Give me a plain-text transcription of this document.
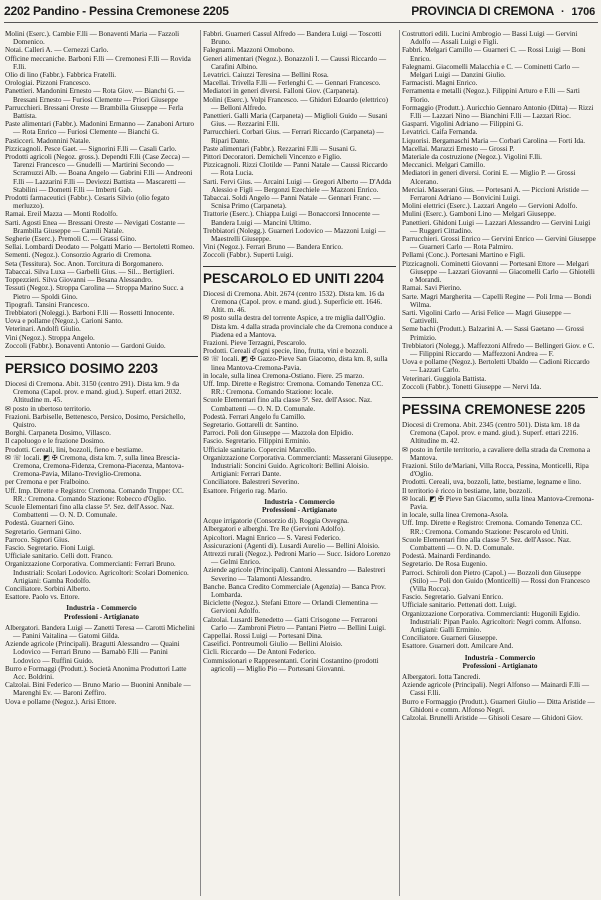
2202 Pandino - Pessina Cremonese 2205	PROVINCIA DI CREMONA · 1706

Molini (Eserc.). Cambie F.lli — Bonaventi Maria — Fazzoli Domenico.

Notai. Calleri A. — Cernezzi Carlo.

Officine meccaniche. Barboni F.lli — Cremonesi F.lli — Rovida F.lli.

Olio di lino (Fabbr.). Fabbrica Fratelli.

Orologiai. Pizzoni Francesco.

Panettieri. Mandonini Ernesto — Rota Giov. — Bianchi G. — Bressani Ernesto — Furiosi Clemente — Priori Giuseppe

Parrucchieri. Bressani Oreste — Brambilla Giuseppe — Ferla Battista.

Paste alimentari (Fabbr.). Madonini Ermanno — Zanaboni Arturo — Rota Enrico — Furiosi Clemente — Bianchi G.

Pasticceri. Madonnini Natale.

Pizzicagnoli. Pesce Gaet. — Signorini F.lli — Casali Carlo.

Prodotti agricoli (Negoz. gross.). Dependti F.lli (Case Zecca) — Tarenzi Francesco — Gnudelli — Martirini Secondo — Scramuzzi Alb. — Boana Angelo — Gabrini F.lli — Andreoni F.lli — Lazzarini F.lli — Deviezzi Battista — Mascaretti — Stabilini — Dometti F.lli — Imberti Gab.

Prodotti farmaceutici (Fabbr.). Cesaris Silvio (olio fegato merluzzo).

Ramai. Ereil Mazza — Monti Rodolfo.

Sarti. Agosti Enea — Bressani Oreste — Nevigati Costante — Brambilla Giuseppe — Carnili Natale.

Segherie (Eserc.). Premoli C. — Grassi Gino.

Sellai. Lombardi Deodato — Polgatti Mario — Bertoletti Romeo.

Sementi. (Negoz.). Consorzio Agrario di Cremona.

Seta (Tessitura). Soc. Anon. Torcitura di Borgomanero.

Tabaccai. Silva Luxa — Garbelli Gius. — Sil... Bertiglieri.

Toppezzieri. Silva Giovanni — Besana Alessandro.

Tessuti (Negoz.). Stroppa Carolina — Stroppa Marino Succ. a Pietro — Spoldi Gino.

Tipografi. Tansini Francesco.

Trebbiatori (Noleggi.). Barboni F.lli — Rossetti Innocente.

Uova e pollame (Negoz.). Carioni Santo.

Veterinari. Andolfi Giulio.

Vini (Negoz.). Stroppa Angelo.

Zoccoli (Fabbr.). Bonaventi Antonio — Gardoni Guido.

PERSICO DOSIMO 2203

Diocesi di Cremona. Abit. 3150 (centro 291). Dista km. 9 da Cremona (Capol. prov. e mand. giud.). Superf. ettari 2032. Altitudine m. 45.

✉ posto in ubertoso territorio.

Frazioni. Barbiselle, Bettenesco, Persico, Dosimo, Persichello, Quistro.

Borghi. Carpaneta Dosimo, Villasco.

Il capoluogo e le frazione Dosimo.

Prodotti. Cereali, lini, bozzoli, fieno e bestiame.

✉ ☏ locali. ◩ ✠ Cremona, dista km. 7, sulla linea Brescia-Cremona, Cremona-Fidenza, Cremona-Piacenza, Mantova-Cremona-Pavia, Milano-Treviglio-Cremona.

per Cremona e per Fralboino.

Uff. Imp. Dirette e Registro: Cremona. Comando Truppe: CC. RR.: Cremona. Comando Stazione: Robecco d'Oglio.

Scuole Elementari fino alla classe 5ª. Sez. dell'Assoc. Naz. Combattenti — O. N. D. Comunale.

Podestà. Guarneri Gino.

Segretario. Germani Gino.

Parroco. Signori Gius.

Fascio. Segretario. Fioni Luigi.

Ufficiale sanitario. Celli dott. Franco.

Organizzazione Corporativa. Commercianti: Ferrari Bruno. Industriali: Scolari Lodovico. Agricoltori: Scolari Domenico. Artigiani: Gamba Rodolfo.

Conciliatore. Sorbini Alberto.

Esattore. Paolo vs. Ettore.

Industria - Commercio
Professioni - Artigianato

Albergatori. Bandera Luigi — Zanetti Teresa — Carotti Michelini — Panini Vaitalina — Gatomi Gilda.

Aziende agricole (Principali). Bragutti Alessandro — Quaini Lodovico — Ferrari Bruno — Barnabò F.lli — Panini Lodovico — Ruffini Guido.

Burro e Formaggi (Produtt.). Società Anonima Produttori Latte Acc. Boldrini.

Calzolai. Bini Federico — Bruno Mario — Buonini Annibale — Marenghi Ev. — Baroni Zeffiro.

Uova e pollame (Negoz.). Arisi Ettore.

Fabbri. Guarneri Cassul Alfredo — Bandera Luigi — Toscotti Bruno.

Falegnami. Mazzoni Omobono.

Generi alimentari (Negoz.). Bonazzoli I. — Caussi Riccardo — Carafini Albino.

Levatrici. Caiuzzi Teresina — Bellini Rosa.

Macellai. Trivella F.lli — Ferlenghi C. — Gennari Francesco.

Mediatori in generi diversi. Falloni Giov. (Carpaneta).

Molini (Eserc.). Volpi Francesco. — Ghidori Edoardo (elettrico) — Belloni Alfredo.

Panettieri. Galli Maria (Carpaneta) — Miglioli Guido — Susani Gius. — Rezzarini F.lli.

Parrucchieri. Corbari Gius. — Ferrari Riccardo (Carpaneta) — Ripari Dante.

Paste alimentari (Fabbr.). Rezzarini F.lli — Susani G.

Pittori Decoratori. Demicheli Vincenzo e Figlio.

Pizzicagnoli. Rizzi Clotilde — Panni Natale — Caussi Riccardo — Rota Lucia.

Sarti. Fervi Gius. — Arcaini Luigi — Gregori Alberto — D'Adda Alessio e Figli — Bergonzi Ezechiele — Mazzoni Enrico.

Tabaccai. Soldi Angelo — Panni Natale — Gennari Franc. — Scnisa Primo (Carpaneta).

Trattorie (Eserc.). Chiappa Luigi — Bonaccorsi Innocente — Bandera Luigi — Mancini Ultimo.

Trebbiatori (Nolegg.). Guarneri Lodovico — Mazzoni Luigi — Maestrelli Giuseppe.

Vini (Negoz.). Ferrari Bruno — Bandera Enrico.

Zoccoli (Fabbr.). Superti Luigi.

PESCAROLO ED UNITI 2204

Diocesi di Cremona. Abit. 2674 (centro 1532). Dista km. 16 da Cremona (Capol. prov. e mand. giud.). Superficie ett. 1646. Altit. m. 46.

✉ posto sulla destra del torrente Aspice, a tre miglia dall'Oglio. Dista km. 4 dalla strada provinciale che da Cremona conduce a Piadena ed a Mantova.

Frazioni. Pieve Terzagni, Pescarolo.

Prodotti. Cereali d'ogni specie, lino, frutta, vini e bozzoli.

✉ ☏ locali. ◩ ✠ Gazzo-Pieve San Giacomo, dista km. 8, sulla linea Mantova-Cremona-Pavia.

in locale, sulla linea Cremona-Ostiano. Fiere. 25 marzo.

Uff. Imp. Dirette e Registro: Cremona. Comando Tenenza CC. RR.: Cremona. Comando Stazione: locale.

Scuole Elementari fino alla classe 5ª. Sez. dell'Assoc. Naz. Combattenti — O. N. D. Comunale.

Podestà. Ferrari Angelo fu Camillo.

Segretario. Gottarelli dr. Santino.

Parroci. Poli don Giuseppe — Mazzola don Elpidio.

Fascio. Segretario. Filippini Erminio.

Ufficiale sanitario. Copercini Marcello.

Organizzazione Corporativa. Commercianti: Masserani Giuseppe. Industriali: Soncini Guido. Agricoltori: Bellini Aloisio. Artigiani: Ferrari Dante.

Conciliatore. Balestreri Severino.

Esattore. Frigerio rag. Mario.

Industria - Commercio
Professioni - Artigianato

Acque irrigatorie (Consorzio di). Roggia Osvegna.

Albergatori e alberghi. Tre Re (Gervioni Adolfo).

Apicoltori. Magni Enrico — S. Varesi Federico.

Assicurazioni (Agenti di). Lusardi Aurelio — Bellini Aloisio.

Attrezzi rurali (Negoz.). Pedroni Mario — Succ. Isidoro Lorenzo — Gelmi Enrico.

Aziende agricole (Principali). Cantoni Alessandro — Balestreri Severino — Talamonti Alessandro.

Banche. Banca Credito Commerciale (Agenzia) — Banca Prov. Lombarda.

Biciclette (Negoz.). Stefani Ettore — Orlandi Clementina — Gervioni Adolfo.

Calzolai. Lusardi Benedetto — Gatti Crisogone — Ferraroni Carlo — Zambroni Pietro — Pantani Pietro — Bellini Luigi.

Cappellai. Rossi Luigi — Portesani Dina.

Caseifici. Pontreumoli Giulio — Bellini Aloisio.

Cicli. Riccardo — De Antoni Federico.

Commissionari e Rappresentanti. Corini Costantino (prodotti agricoli) — Miglio Pio — Portesani Giovanni.

Costruttori edili. Lucini Ambrogio — Bassi Luigi — Gervini Adolfo — Assali Luigi e Figli.

Fabbri. Melgari Camillo — Guarneri C. — Rossi Luigi — Boni Enrico.

Falegnami. Giacomelli Malacchia e C. — Cominetti Carlo — Melgari Luigi — Danzini Giulio.

Farmacisti. Magni Enrico.

Ferramenta e metalli (Negoz.). Filippini Arturo e F.lli — Sarti Florio.

Formaggio (Produtt.). Auricchio Gennaro Antonio (Ditta) — Rizzi F.lli — Lazzari Nino — Bianchini F.lli — Lazzari Rioc.

Gasparri. Vigolini Adriano — Filippini G.

Levatrici. Caifa Fernanda.

Liquorisi. Bergamaschi Maria — Corbari Carolina — Forti Ida.

Macellai. Marazzi Ernesto — Grossi P.

Materiale da costruzione (Negoz.). Vigolini F.lli.

Meccanici. Melgari Camillo.

Mediatori in generi diversi. Corini E. — Miglio P. — Grossi Alcerano.

Merciai. Masserani Gius. — Portesani A. — Piccioni Aristide — Ferraroni Adriano — Bonvicini Luigi.

Molini elettrici (Eserc.). Lazzari Angelo — Gervioni Adolfo.

Mulini (Eserc.). Gamboni Lino — Melgari Giuseppe.

Panettieri. Ghidoni Luigi — Lazzari Alessandro — Gervini Luigi — Ruggeri Cittadino.

Parrucchieri. Grossi Enrico — Gervini Enrico — Gervini Giuseppe — Guarneri Carlo — Rota Palmiro.

Pellami (Conc.). Portesani Martino e Figli.

Pizzicagnoli. Cominetti Giovanni — Portesani Ettore — Melgari Giuseppe — Lazzari Giovanni — Giacomelli Carlo — Ghiotelli e Morandi.

Ramai. Savi Pierino.

Sarte. Magri Margherita — Capelli Regine — Poli Irma — Bondi Wilma.

Sarti. Vigolini Carlo — Arisi Felice — Magri Giuseppe — Cattivelli.

Seme bachi (Produtt.). Balzarini A. — Sassi Gaetano — Grossi Primizio.

Trebbiatori (Nolegg.). Maffezzoni Alfredo — Bellingeri Giov. e C. — Filippini Riccardo — Maffezzoni Andrea — F.

Uova e pollame (Negoz.). Bertoletti Ubaldo — Cadioni Riccardo — Lazzari Carlo.

Veterinari. Guggiola Battista.

Zoccoli (Fabbr.). Tonetti Giuseppe — Nervi Ida.

PESSINA CREMONESE 2205

Diocesi di Cremona. Abit. 2345 (centro 501). Dista km. 18 da Cremona (Capol. prov. e mand. giud.). Superf. ettari 2216. Altitudine m. 42.

✉ posto in fertile territorio, a cavaliere della strada da Cremona a Mantova.

Frazioni. Stilo de'Mariani, Villa Rocca, Pessina, Monticelli, Ripa d'Oglio.

Prodotti. Cereali, uva, bozzoli, latte, bestiame, legname e lino.

Il territorio è ricco in bestiame, latte, bozzoli.

✉ locali. ◩ ✠ Pieve San Giacomo, sulla linea Mantova-Cremona-Pavia.

in locale, sulla linea Cremona-Asola.

Uff. Imp. Dirette e Registro: Cremona. Comando Tenenza CC. RR.: Cremona. Comando Stazione: Pescarolo ed Uniti.

Scuole Elementari fino alla classe 5ª. Sez. dell'Assoc. Naz. Combattenti — O. N. D. Comunale.

Podestà. Mainardi Ferdinando.

Segretario. De Rosa Eugenio.

Parroci. Schiroli don Pietro (Capol.) — Bozzoli don Giuseppe (Stilo) — Poli don Guido (Monticelli) — Rossi don Francesco (Villa Rocca).

Fascio. Segretario. Galvani Enrico.

Ufficiale sanitario. Pettenati dott. Luigi.

Organizzazione Corporativa. Commercianti: Hugonili Egidio. Industriali: Pipan Paolo. Agricoltori: Negri comm. Alfonso. Artigiani: Galli Erminio.

Conciliatore. Guarneri Giuseppe.

Esattore. Guarneri dott. Amilcare And.

Industria - Commercio
Professioni - Artigianato

Albergatori. Iotta Tancredi.

Aziende agricole (Principali). Negri Alfonso — Mainardi F.lli — Cassi F.lli.

Burro e Formaggio (Produtt.). Guarneri Giulio — Ditta Aristide — Ghidoni e comm. Alfonso Negri.

Calzolai. Brunelli Aristide — Ghisoli Cesare — Ghidoni Giov.
